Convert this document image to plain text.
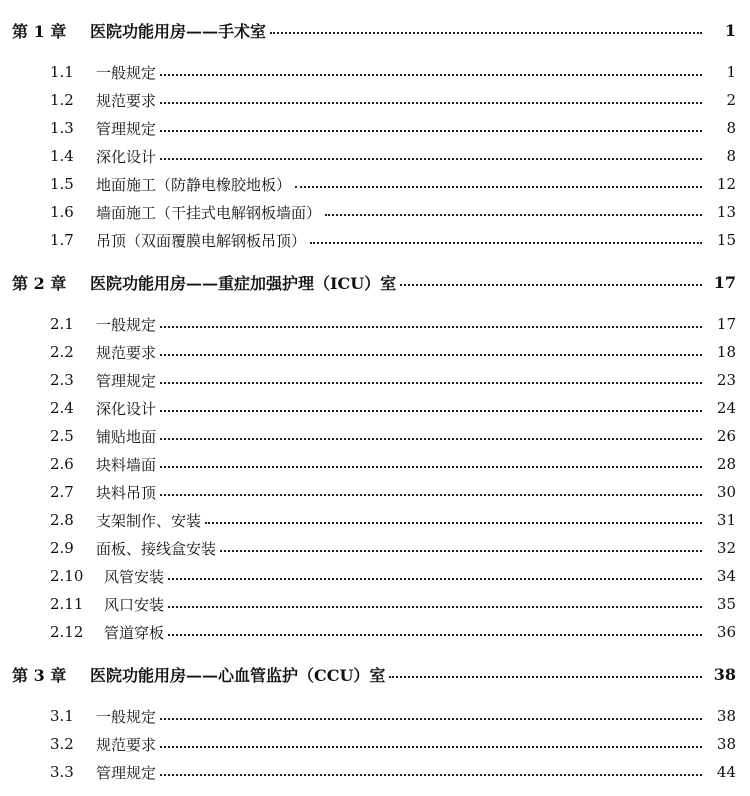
第 1 章	医院功能用房——手术室	1
1.1	一般规定	1
1.2	规范要求	2
1.3	管理规定	8
1.4	深化设计	8
1.5	地面施工（防静电橡胶地板）	12
1.6	墙面施工（干挂式电解钢板墙面）	13
1.7	吊顶（双面覆膜电解钢板吊顶）	15
第 2 章	医院功能用房——重症加强护理（ICU）室	17
2.1	一般规定	17
2.2	规范要求	18
2.3	管理规定	23
2.4	深化设计	24
2.5	铺贴地面	26
2.6	块料墙面	28
2.7	块料吊顶	30
2.8	支架制作、安装	31
2.9	面板、接线盒安装	32
2.10	风管安装	34
2.11	风口安装	35
2.12	管道穿板	36
第 3 章	医院功能用房——心血管监护（CCU）室	38
3.1	一般规定	38
3.2	规范要求	38
3.3	管理规定	44
